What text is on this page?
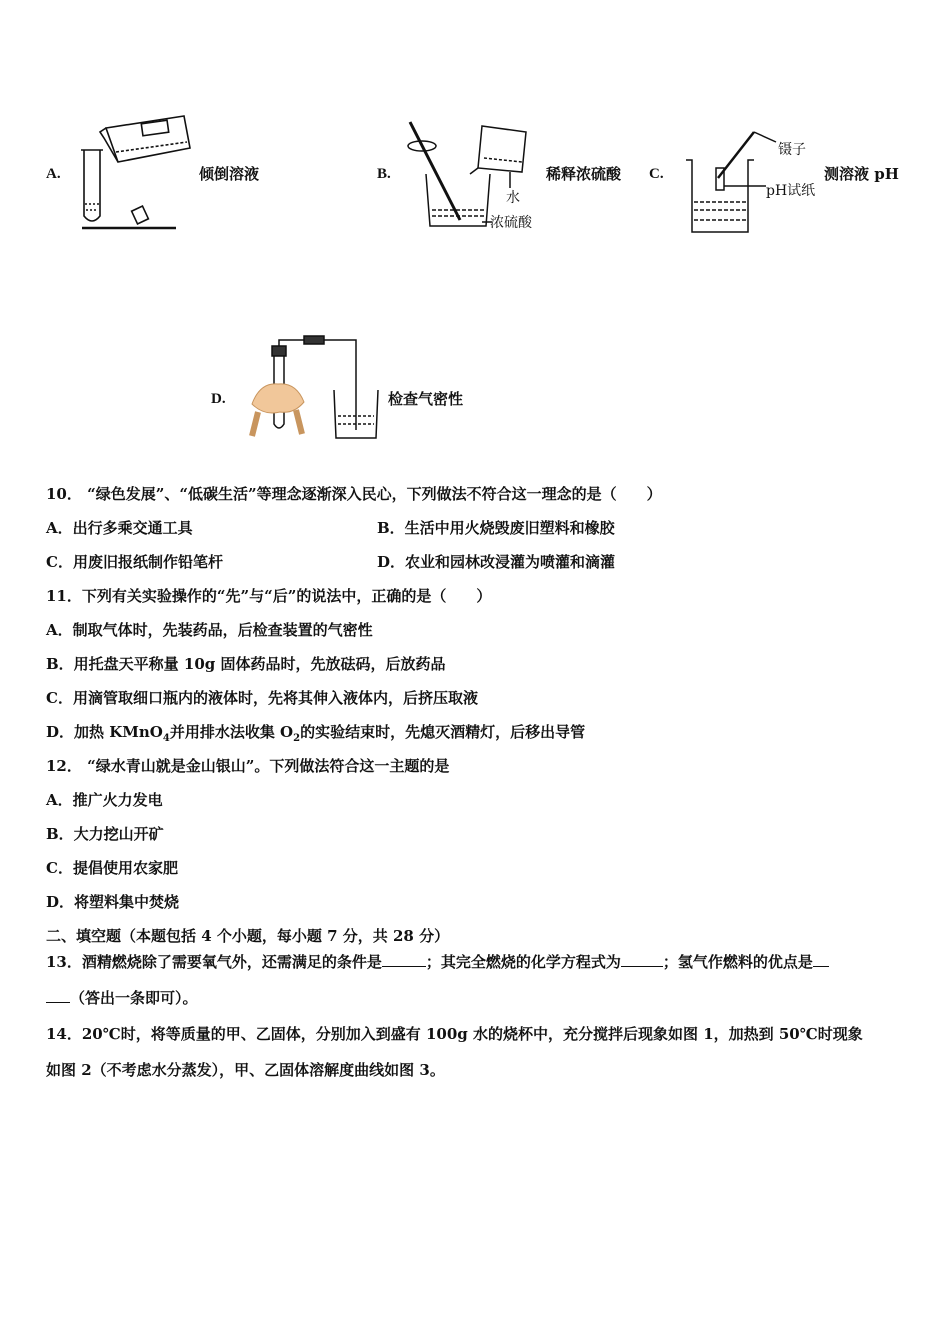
A.	倾倒溶液	B.
水
浓硫酸
稀释浓硫酸 C.
镊子
pH试纸
测溶液 pH
D.	检查气密性
10． “绿色发展”、“低碳生活”等理念逐渐深入民心，下列做法不符合这一理念的是（　　）
A．出行多乘交通工具	B．生活中用火烧毁废旧塑料和橡胶
C．用废旧报纸制作铅笔杆	D．农业和园林改浸灌为喷灌和滴灌
11．下列有关实验操作的“先”与“后”的说法中，正确的是（　　）
A．制取气体时，先装药品，后检查装置的气密性
B．用托盘天平称量 10g 固体药品时，先放砝码，后放药品
C．用滴管取细口瓶内的液体时，先将其伸入液体内，后挤压取液
D．加热 KMnO$_4$并用排水法收集 $O_2$的实验结束时，先熄灭酒精灯，后移出导管
12． “绿水青山就是金山银山”。下列做法符合这一主题的是
A．推广火力发电
B．大力挖山开矿
C．提倡使用农家肥
D．将塑料集中焚烧
二、填空题（本题包括 4 个小题，每小题 7 分，共 28 分）
13．酒精燃烧除了需要氧气外，还需满足的条件是	；其完全燃烧的化学方程式为	；氢气作燃料的优点是
（答出一条即可）。
14．20℃时，将等质量的甲、乙固体，分别加入到盛有 100g 水的烧杯中，充分搅拌后现象如图 1，加热到 50℃时现象
如图 2（不考虑水分蒸发），甲、乙固体溶解度曲线如图 3。
